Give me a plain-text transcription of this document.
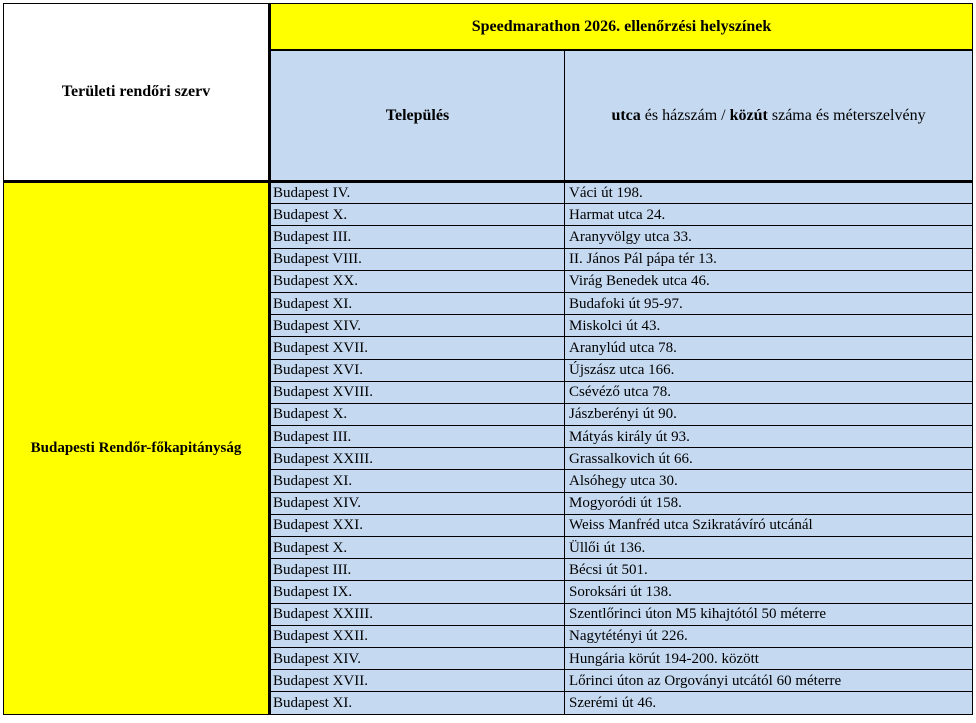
Területi rendőri szerv	Speedmarathon 2026. ellenőrzési helyszínek	
	Település	utca és házszám / közút száma és méterszelvény
Budapesti Rendőr-főkapitányság	Budapest IV.	Váci út 198.
	Budapest X.	Harmat utca 24.
	Budapest III.	Aranyvölgy utca 33.
	Budapest VIII.	II. János Pál pápa tér 13.
	Budapest XX.	Virág Benedek utca 46.
	Budapest XI.	Budafoki út 95-97.
	Budapest XIV.	Miskolci út 43.
	Budapest XVII.	Aranylúd utca 78.
	Budapest XVI.	Újszász utca 166.
	Budapest XVIII.	Csévéző utca 78.
	Budapest X.	Jászberényi út 90.
	Budapest III.	Mátyás király út 93.
	Budapest XXIII.	Grassalkovich út 66.
	Budapest XI.	Alsóhegy utca 30.
	Budapest XIV.	Mogyoródi út 158.
	Budapest XXI.	Weiss Manfréd utca Szikratávíró utcánál
	Budapest X.	Üllői út 136.
	Budapest III.	Bécsi út 501.
	Budapest IX.	Soroksári út 138.
	Budapest XXIII.	Szentlőrinci úton M5 kihajtótól 50 méterre
	Budapest XXII.	Nagytétényi út 226.
	Budapest XIV.	Hungária körút 194-200. között
	Budapest XVII.	Lőrinci úton az Orgoványi utcától 60 méterre
	Budapest XI.	Szerémi út 46.
